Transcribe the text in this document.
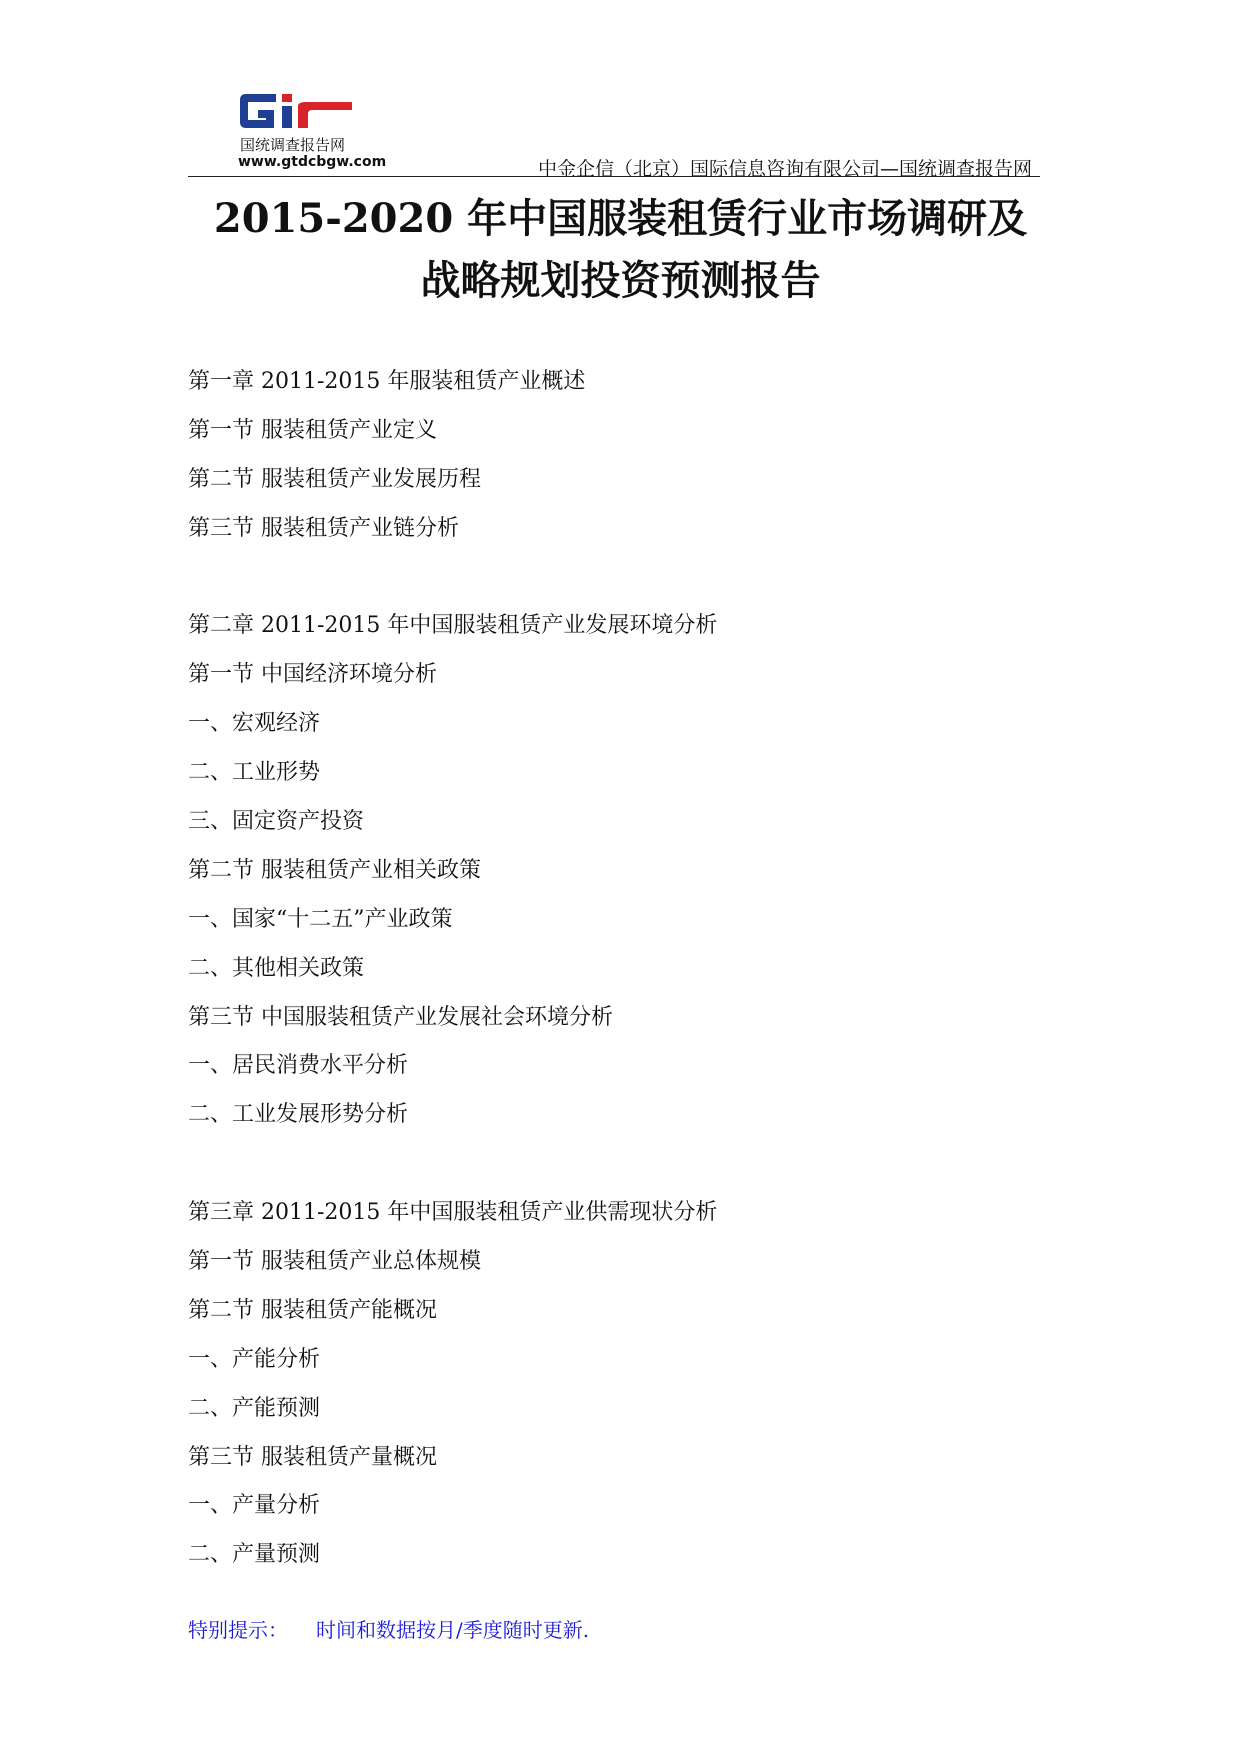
国统调查报告网
www.gtdcbgw.com	中金企信（北京）国际信息咨询有限公司—国统调查报告网
2015-2020 年中国服装租赁行业市场调研及
战略规划投资预测报告
第一章 2011-2015 年服装租赁产业概述
第一节 服装租赁产业定义
第二节 服装租赁产业发展历程
第三节 服装租赁产业链分析
第二章 2011-2015 年中国服装租赁产业发展环境分析
第一节 中国经济环境分析
一、宏观经济
二、工业形势
三、固定资产投资
第二节 服装租赁产业相关政策
一、国家“十二五”产业政策
二、其他相关政策
第三节 中国服装租赁产业发展社会环境分析
一、居民消费水平分析
二、工业发展形势分析
第三章 2011-2015 年中国服装租赁产业供需现状分析
第一节 服装租赁产业总体规模
第二节 服装租赁产能概况
一、产能分析
二、产能预测
第三节 服装租赁产量概况
一、产量分析
二、产量预测
特别提示： 时间和数据按月/季度随时更新.
